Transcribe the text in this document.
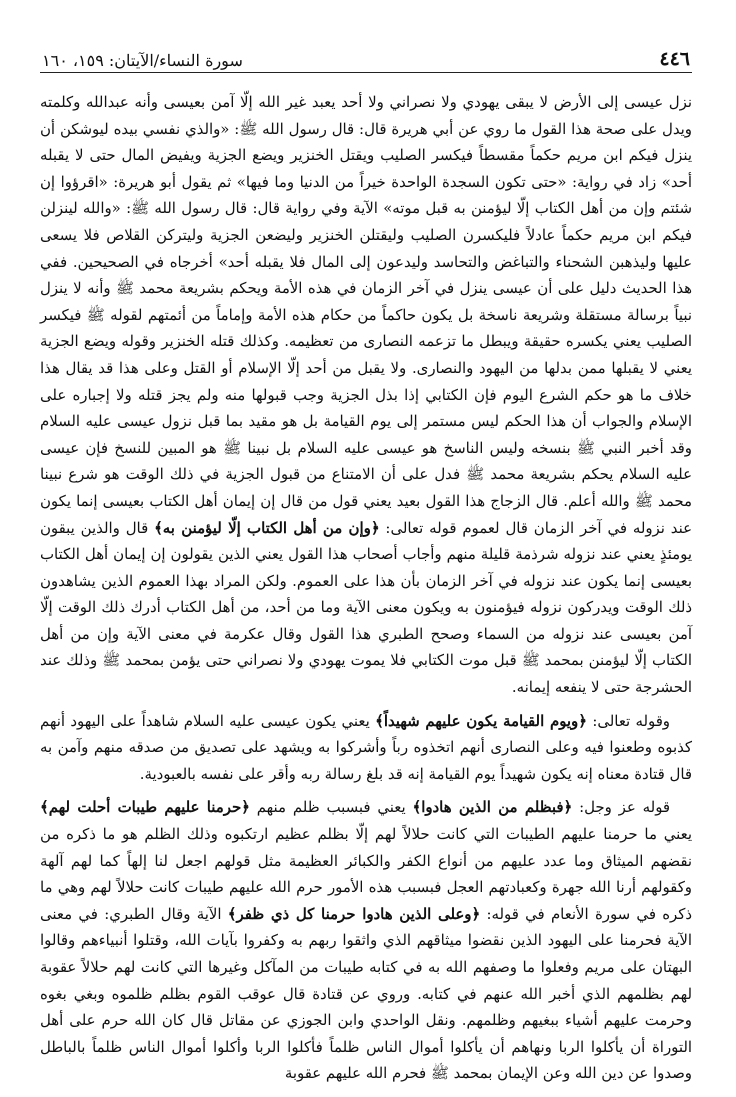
٤٤٦
سورة النساء/الآيتان: ١٥٩، ١٦٠

نزل عيسى إلى الأرض لا يبقى يهودي ولا نصراني ولا أحد يعبد غير الله إلّا آمن بعيسى وأنه عبدالله وكلمته ويدل على صحة هذا القول ما روي عن أبي هريرة قال: قال رسول الله ﷺ: «والذي نفسي بيده ليوشكن أن ينزل فيكم ابن مريم حكماً مقسطاً فيكسر الصليب ويقتل الخنزير ويضع الجزية ويفيض المال حتى لا يقبله أحد» زاد في رواية: «حتى تكون السجدة الواحدة خيراً من الدنيا وما فيها» ثم يقول أبو هريرة: «اقرؤوا إن شئتم وإن من أهل الكتاب إلّا ليؤمنن به قبل موته» الآية وفي رواية قال: قال رسول الله ﷺ: «والله لينزلن فيكم ابن مريم حكماً عادلاً فليكسرن الصليب وليقتلن الخنزير وليضعن الجزية وليتركن القلاص فلا يسعى عليها وليذهبن الشحناء والتباغض والتحاسد وليدعون إلى المال فلا يقبله أحد» أخرجاه في الصحيحين. ففي هذا الحديث دليل على أن عيسى ينزل في آخر الزمان في هذه الأمة ويحكم بشريعة محمد ﷺ وأنه لا ينزل نبياً برسالة مستقلة وشريعة ناسخة بل يكون حاكماً من حكام هذه الأمة وإماماً من أئمتهم لقوله ﷺ فيكسر الصليب يعني يكسره حقيقة ويبطل ما تزعمه النصارى من تعظيمه. وكذلك قتله الخنزير وقوله ويضع الجزية يعني لا يقبلها ممن بدلها من اليهود والنصارى. ولا يقبل من أحد إلّا الإسلام أو القتل وعلى هذا قد يقال هذا خلاف ما هو حكم الشرع اليوم فإن الكتابي إذا بذل الجزية وجب قبولها منه ولم يجز قتله ولا إجباره على الإسلام والجواب أن هذا الحكم ليس مستمر إلى يوم القيامة بل هو مقيد بما قبل نزول عيسى عليه السلام وقد أخبر النبي ﷺ بنسخه وليس الناسخ هو عيسى عليه السلام بل نبينا ﷺ هو المبين للنسخ فإن عيسى عليه السلام يحكم بشريعة محمد ﷺ فدل على أن الامتناع من قبول الجزية في ذلك الوقت هو شرع نبينا محمد ﷺ والله أعلم. قال الزجاج هذا القول بعيد يعني قول من قال إن إيمان أهل الكتاب بعيسى إنما يكون عند نزوله في آخر الزمان قال لعموم قوله تعالى: ﴿وإن من أهل الكتاب إلّا ليؤمنن به﴾ قال والذين يبقون يومئذٍ يعني عند نزوله شرذمة قليلة منهم وأجاب أصحاب هذا القول يعني الذين يقولون إن إيمان أهل الكتاب بعيسى إنما يكون عند نزوله في آخر الزمان بأن هذا على العموم. ولكن المراد بهذا العموم الذين يشاهدون ذلك الوقت ويدركون نزوله فيؤمنون به ويكون معنى الآية وما من أحد، من أهل الكتاب أدرك ذلك الوقت إلّا آمن بعيسى عند نزوله من السماء وصحح الطبري هذا القول وقال عكرمة في معنى الآية وإن من أهل الكتاب إلّا ليؤمنن بمحمد ﷺ قبل موت الكتابي فلا يموت يهودي ولا نصراني حتى يؤمن بمحمد ﷺ وذلك عند الحشرجة حتى لا ينفعه إيمانه.

وقوله تعالى: ﴿ويوم القيامة يكون عليهم شهيداً﴾ يعني يكون عيسى عليه السلام شاهداً على اليهود أنهم كذبوه وطعنوا فيه وعلى النصارى أنهم اتخذوه رباً وأشركوا به ويشهد على تصديق من صدقه منهم وآمن به قال قتادة معناه إنه يكون شهيداً يوم القيامة إنه قد بلغ رسالة ربه وأقر على نفسه بالعبودية.

قوله عز وجل: ﴿فبظلم من الذين هادوا﴾ يعني فبسبب ظلم منهم ﴿حرمنا عليهم طيبات أحلت لهم﴾ يعني ما حرمنا عليهم الطيبات التي كانت حلالاً لهم إلّا بظلم عظيم ارتكبوه وذلك الظلم هو ما ذكره من نقضهم الميثاق وما عدد عليهم من أنواع الكفر والكبائر العظيمة مثل قولهم اجعل لنا إلهاً كما لهم آلهة وكقولهم أرنا الله جهرة وكعبادتهم العجل فبسبب هذه الأمور حرم الله عليهم طيبات كانت حلالاً لهم وهي ما ذكره في سورة الأنعام في قوله: ﴿وعلى الذين هادوا حرمنا كل ذي ظفر﴾ الآية وقال الطبري: في معنى الآية فحرمنا على اليهود الذين نقضوا ميثاقهم الذي واثقوا ربهم به وكفروا بآيات الله، وقتلوا أنبياءهم وقالوا البهتان على مريم وفعلوا ما وصفهم الله به في كتابه طيبات من المآكل وغيرها التي كانت لهم حلالاً عقوبة لهم بظلمهم الذي أخبر الله عنهم في كتابه. وروي عن قتادة قال عوقب القوم بظلم ظلموه وبغي بغوه وحرمت عليهم أشياء ببغيهم وظلمهم. ونقل الواحدي وابن الجوزي عن مقاتل قال كان الله حرم على أهل التوراة أن يأكلوا الربا ونهاهم أن يأكلوا أموال الناس ظلماً فأكلوا الربا وأكلوا أموال الناس ظلماً بالباطل وصدوا عن دين الله وعن الإيمان بمحمد ﷺ فحرم الله عليهم عقوبة
